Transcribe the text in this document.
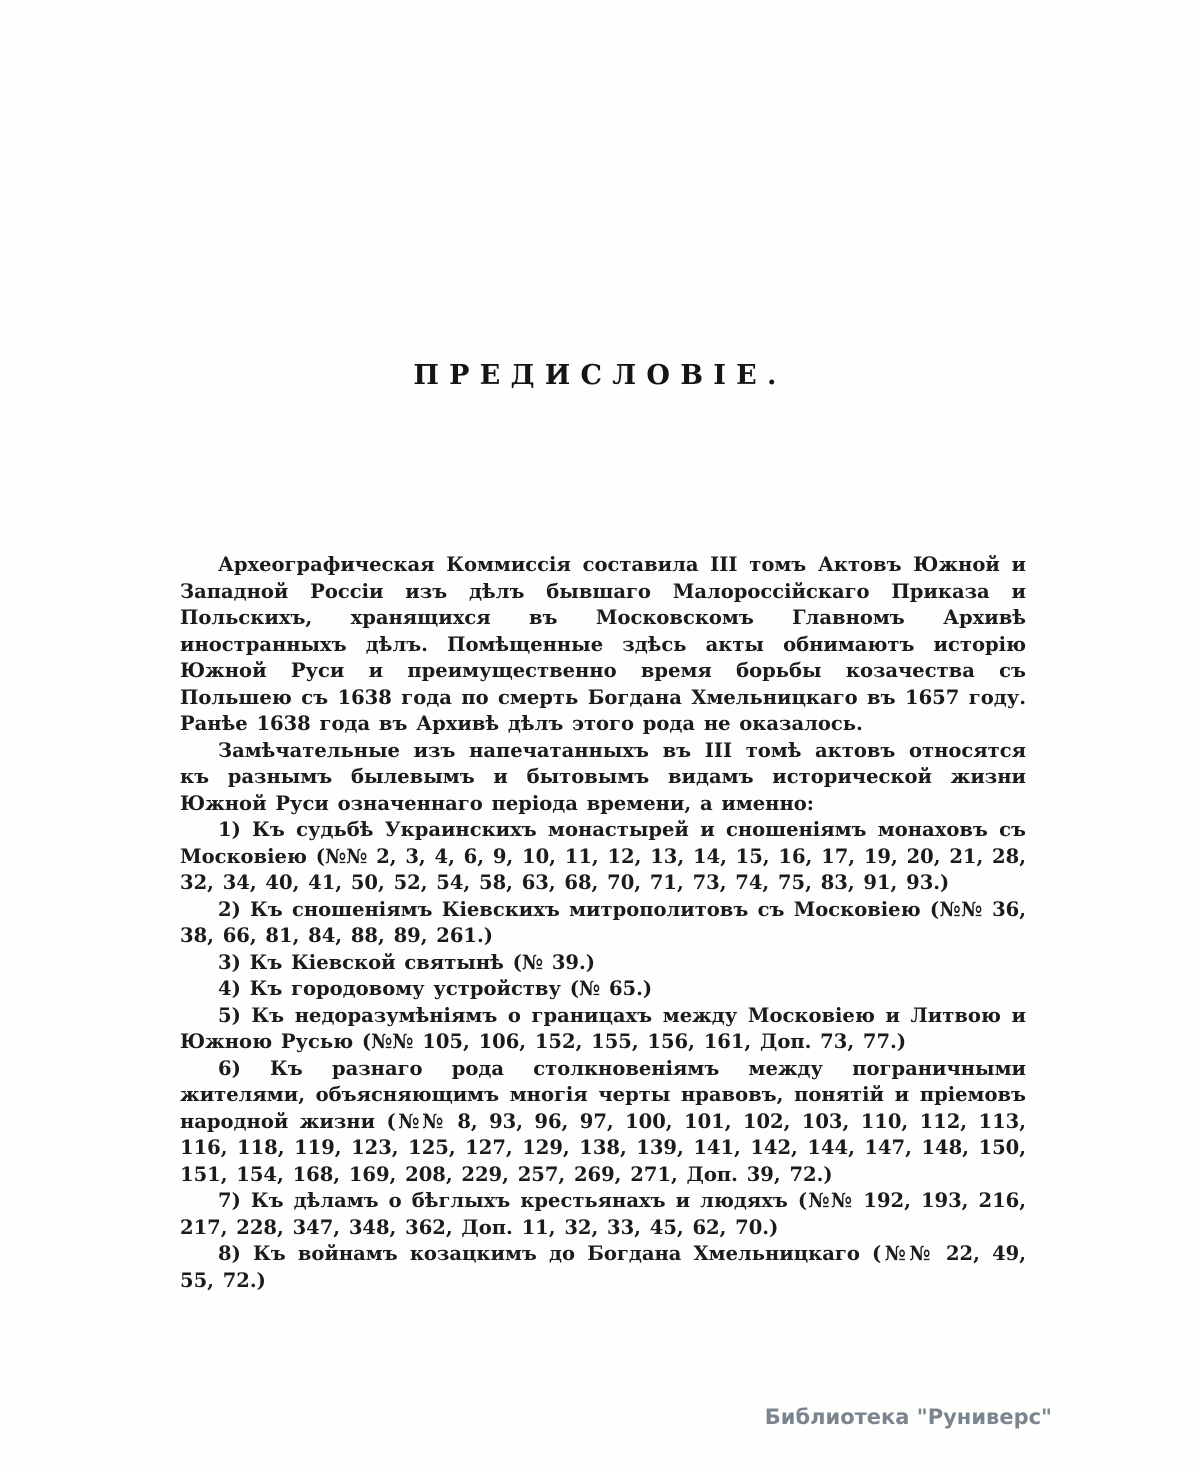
ПРЕДИСЛОВІЕ.

Археографическая Коммиссія составила III томъ Актовъ Южной и Западной Россіи изъ дѣлъ бывшаго Малороссійскаго Приказа и Польскихъ, хранящихся въ Московскомъ Главномъ Архивѣ иностранныхъ дѣлъ. Помѣщенные здѣсь акты обнимаютъ исторію Южной Руси и преимущественно время борьбы козачества съ Польшею съ 1638 года по смерть Богдана Хмельницкаго въ 1657 году. Ранѣе 1638 года въ Архивѣ дѣлъ этого рода не оказалось.

Замѣчательные изъ напечатанныхъ въ III томѣ актовъ относятся къ разнымъ былевымъ и бытовымъ видамъ исторической жизни Южной Руси означеннаго періода времени, а именно:

1) Къ судьбѣ Украинскихъ монастырей и сношеніямъ монаховъ съ Московіею (№№ 2, 3, 4, 6, 9, 10, 11, 12, 13, 14, 15, 16, 17, 19, 20, 21, 28, 32, 34, 40, 41, 50, 52, 54, 58, 63, 68, 70, 71, 73, 74, 75, 83, 91, 93.)

2) Къ сношеніямъ Кіевскихъ митрополитовъ съ Московіею (№№ 36, 38, 66, 81, 84, 88, 89, 261.)

3) Къ Кіевской святынѣ (№ 39.)

4) Къ городовому устройству (№ 65.)

5) Къ недоразумѣніямъ о границахъ между Московіею и Литвою и Южною Русью (№№ 105, 106, 152, 155, 156, 161, Доп. 73, 77.)

6) Къ разнаго рода столкновеніямъ между пограничными жителями, объясняющимъ многія черты нравовъ, понятій и пріемовъ народной жизни (№№ 8, 93, 96, 97, 100, 101, 102, 103, 110, 112, 113, 116, 118, 119, 123, 125, 127, 129, 138, 139, 141, 142, 144, 147, 148, 150, 151, 154, 168, 169, 208, 229, 257, 269, 271, Доп. 39, 72.)

7) Къ дѣламъ о бѣглыхъ крестьянахъ и людяхъ (№№ 192, 193, 216, 217, 228, 347, 348, 362, Доп. 11, 32, 33, 45, 62, 70.)

8) Къ войнамъ козацкимъ до Богдана Хмельницкаго (№№ 22, 49, 55, 72.)

Библиотека "Руниверс"
